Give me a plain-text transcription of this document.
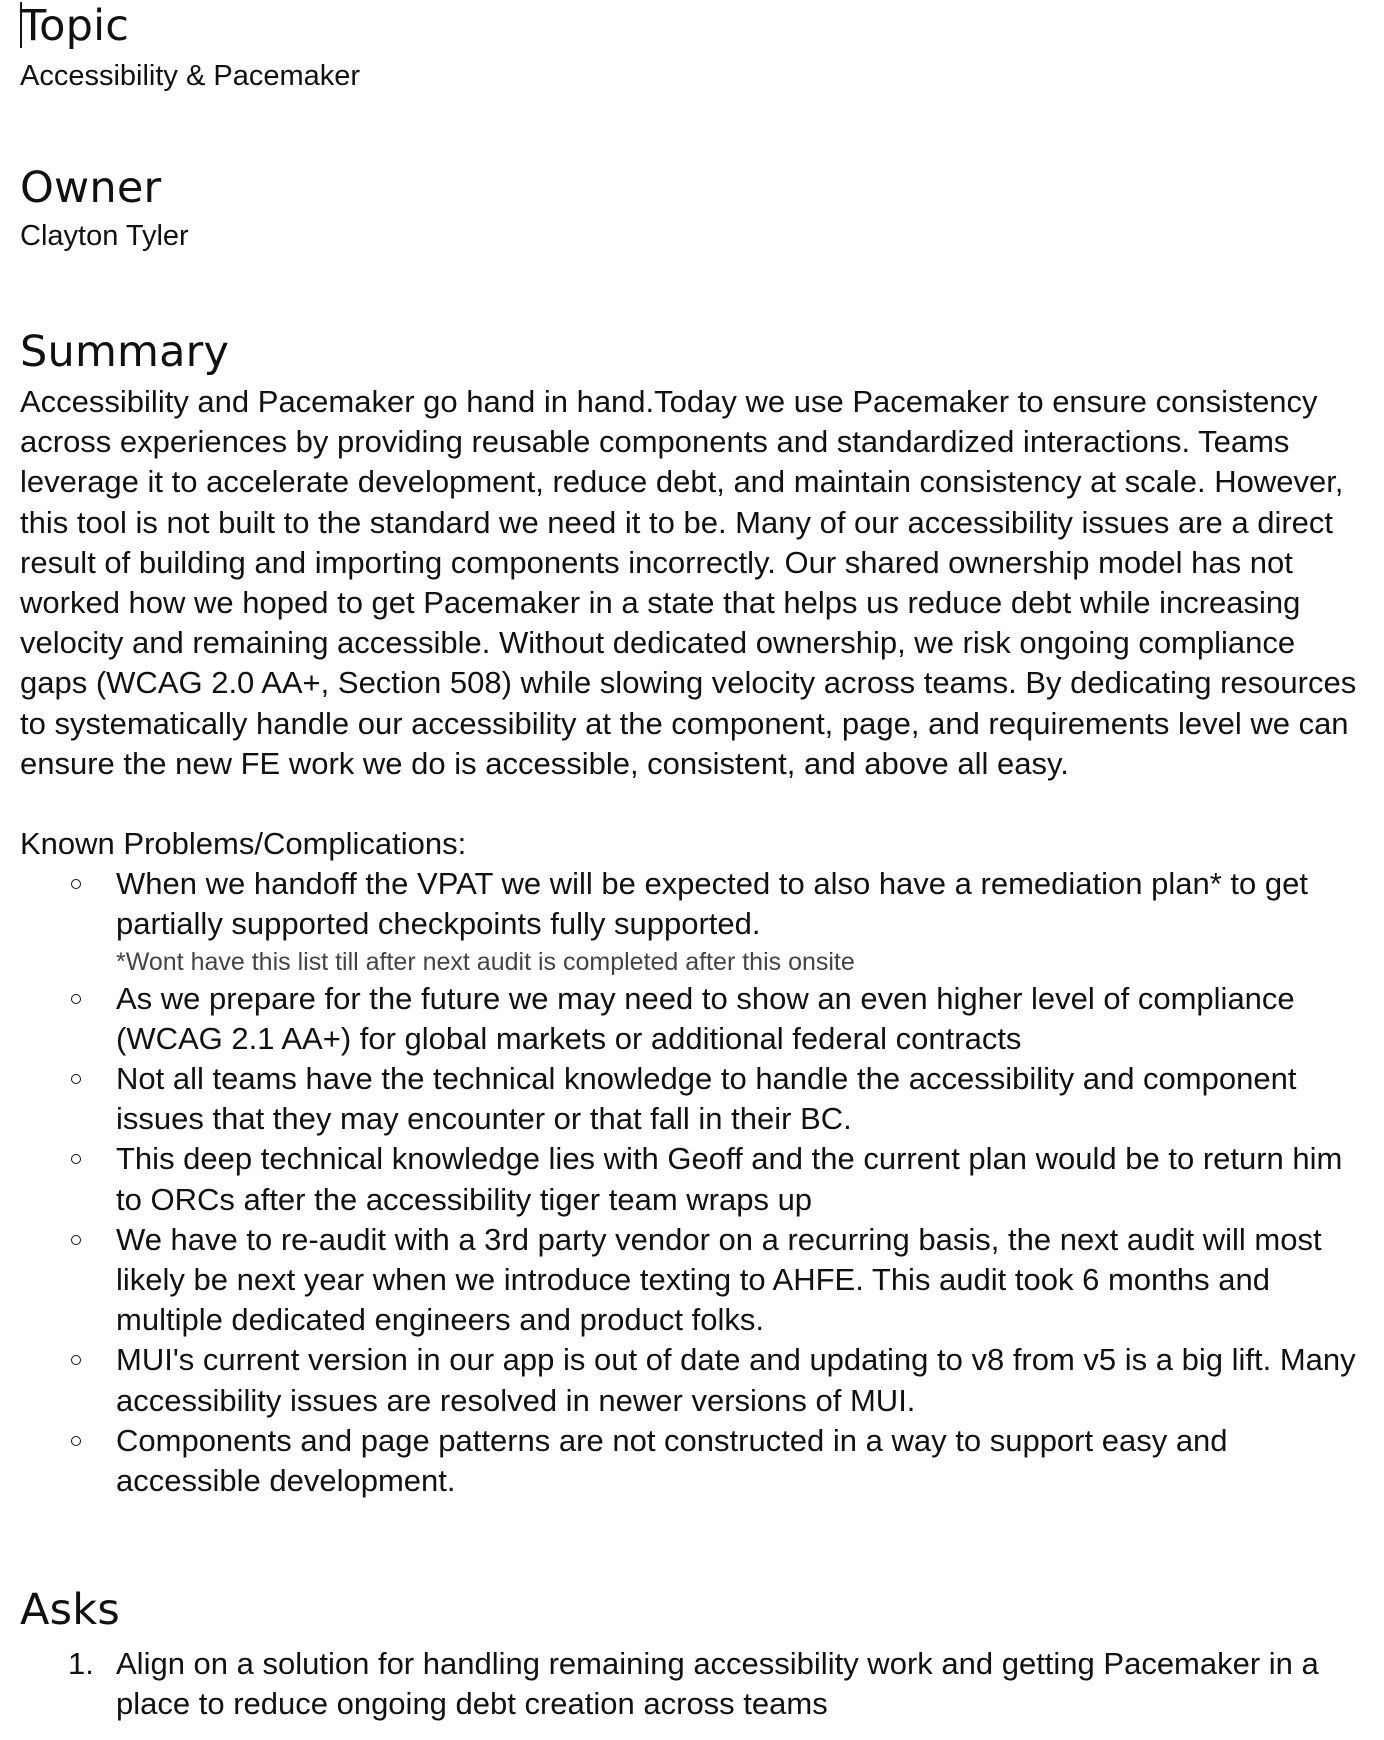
Topic

Accessibility & Pacemaker

Owner

Clayton Tyler

Summary

Accessibility and Pacemaker go hand in hand.Today we use Pacemaker to ensure consistency across experiences by providing reusable components and standardized interactions. Teams leverage it to accelerate development, reduce debt, and maintain consistency at scale. However, this tool is not built to the standard we need it to be. Many of our accessibility issues are a direct result of building and importing components incorrectly. Our shared ownership model has not worked how we hoped to get Pacemaker in a state that helps us reduce debt while increasing velocity and remaining accessible. Without dedicated ownership, we risk ongoing compliance gaps (WCAG 2.0 AA+, Section 508) while slowing velocity across teams. By dedicating resources to systematically handle our accessibility at the component, page, and requirements level we can ensure the new FE work we do is accessible, consistent, and above all easy.

Known Problems/Complications:

When we handoff the VPAT we will be expected to also have a remediation plan* to get partially supported checkpoints fully supported.
*Wont have this list till after next audit is completed after this onsite
As we prepare for the future we may need to show an even higher level of compliance (WCAG 2.1 AA+) for global markets or additional federal contracts
Not all teams have the technical knowledge to handle the accessibility and component issues that they may encounter or that fall in their BC.
This deep technical knowledge lies with Geoff and the current plan would be to return him to ORCs after the accessibility tiger team wraps up
We have to re-audit with a 3rd party vendor on a recurring basis, the next audit will most likely be next year when we introduce texting to AHFE. This audit took 6 months and multiple dedicated engineers and product folks.
MUI's current version in our app is out of date and updating to v8 from v5 is a big lift. Many accessibility issues are resolved in newer versions of MUI.
Components and page patterns are not constructed in a way to support easy and accessible development.
Asks
1. Align on a solution for handling remaining accessibility work and getting Pacemaker in a place to reduce ongoing debt creation across teams
